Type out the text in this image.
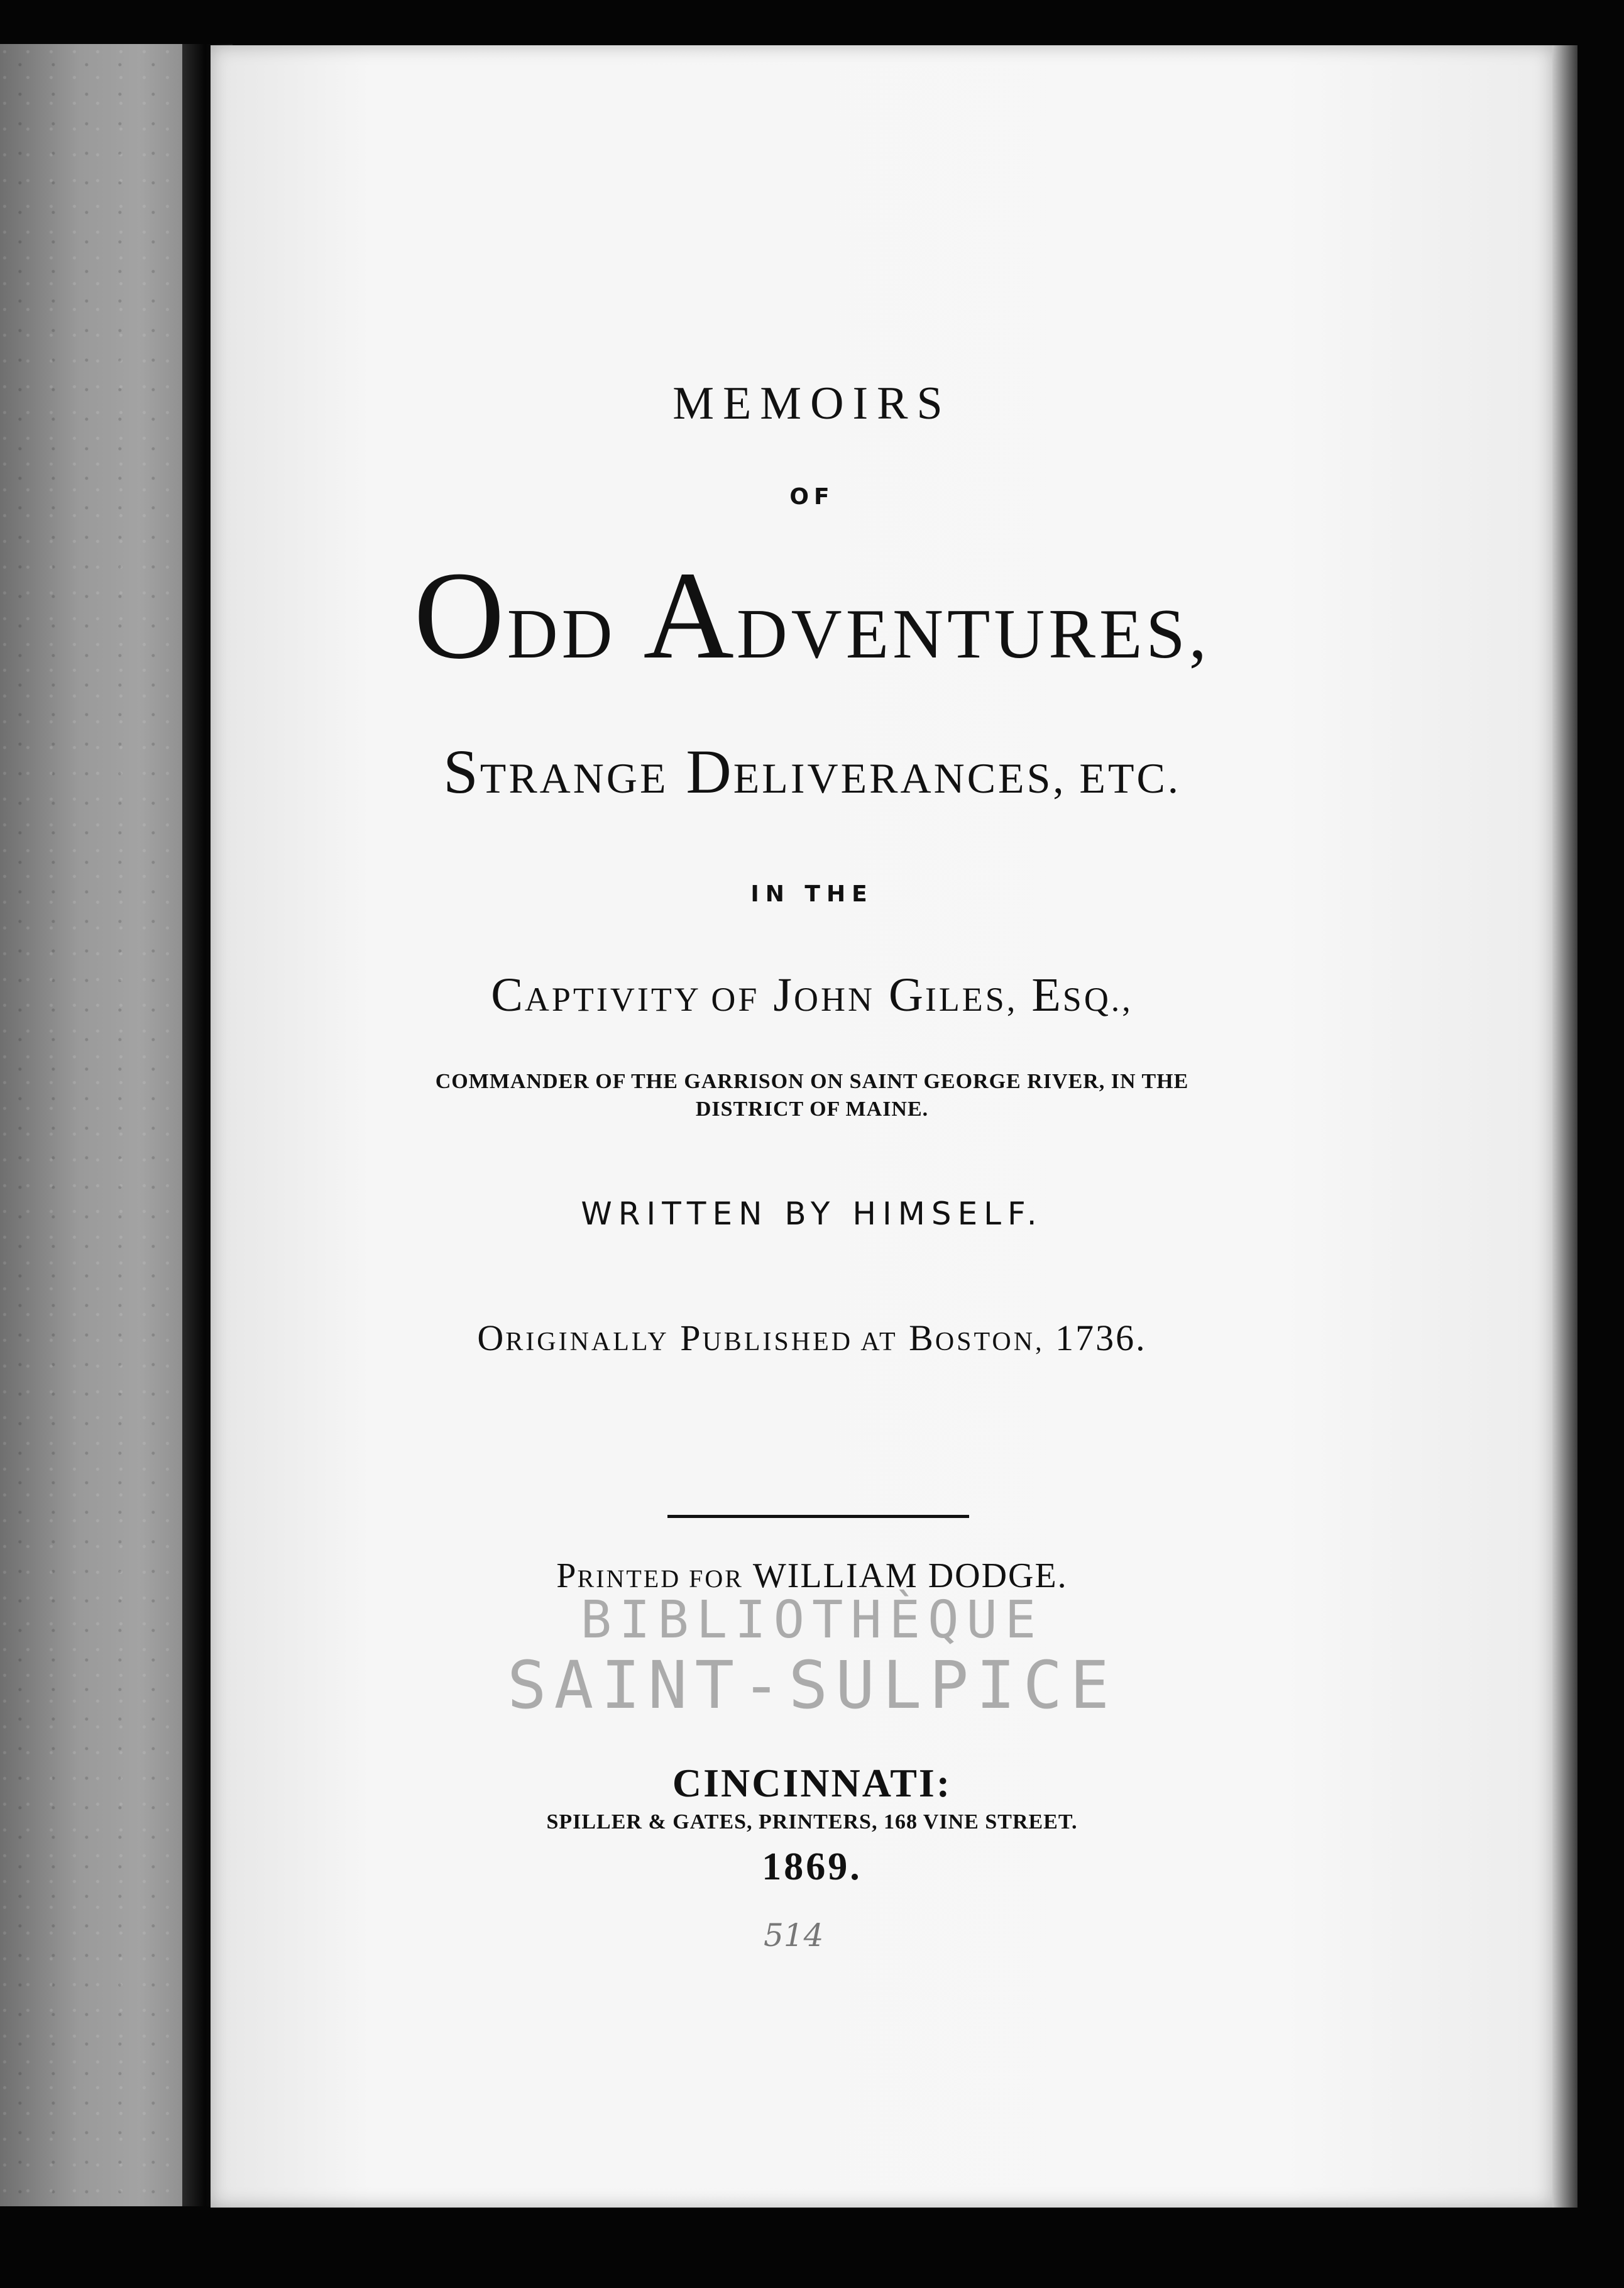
MEMOIRS
OF
ODD ADVENTURES,
STRANGE DELIVERANCES, ETC.
IN THE
CAPTIVITY OF JOHN GILES, ESQ.,
COMMANDER OF THE GARRISON ON SAINT GEORGE RIVER, IN THE
DISTRICT OF MAINE.
WRITTEN BY HIMSELF.
ORIGINALLY PUBLISHED AT BOSTON, 1736.
PRINTED FOR WILLIAM DODGE.
BIBLIOTHÈQUE
SAINT-SULPICE
CINCINNATI:
SPILLER & GATES, PRINTERS, 168 VINE STREET.
1869.
514
